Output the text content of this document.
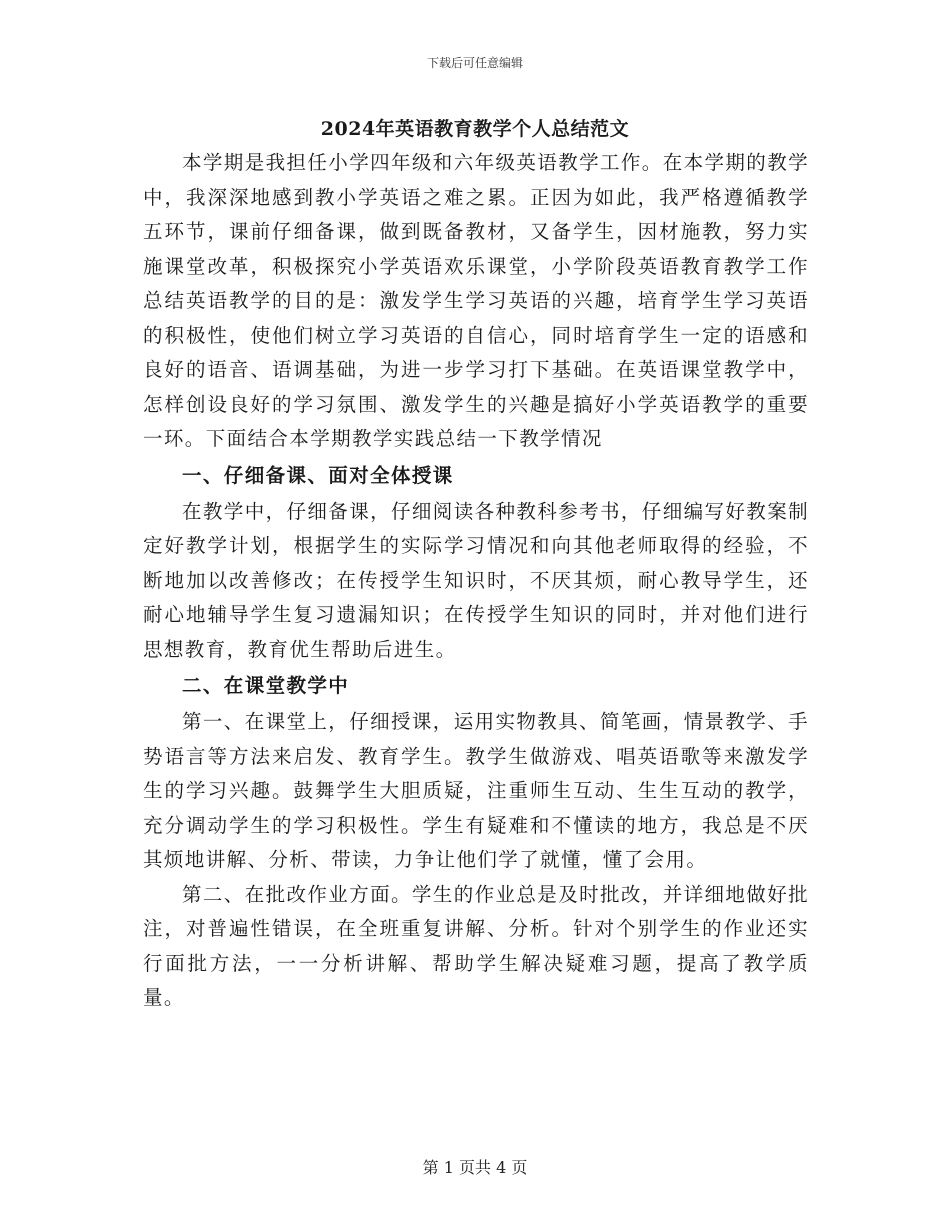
下载后可任意编辑
2024年英语教育教学个人总结范文

本学期是我担任小学四年级和六年级英语教学工作。在本学期的教学中，我深深地感到教小学英语之难之累。正因为如此，我严格遵循教学五环节，课前仔细备课，做到既备教材，又备学生，因材施教，努力实施课堂改革，积极探究小学英语欢乐课堂，小学阶段英语教育教学工作总结英语教学的目的是：激发学生学习英语的兴趣，培育学生学习英语的积极性，使他们树立学习英语的自信心，同时培育学生一定的语感和良好的语音、语调基础，为进一步学习打下基础。在英语课堂教学中，怎样创设良好的学习氛围、激发学生的兴趣是搞好小学英语教学的重要一环。下面结合本学期教学实践总结一下教学情况

一、仔细备课、面对全体授课

在教学中，仔细备课，仔细阅读各种教科参考书，仔细编写好教案制定好教学计划，根据学生的实际学习情况和向其他老师取得的经验，不断地加以改善修改；在传授学生知识时，不厌其烦，耐心教导学生，还耐心地辅导学生复习遗漏知识；在传授学生知识的同时，并对他们进行思想教育，教育优生帮助后进生。

二、在课堂教学中

第一、在课堂上，仔细授课，运用实物教具、简笔画，情景教学、手势语言等方法来启发、教育学生。教学生做游戏、唱英语歌等来激发学生的学习兴趣。鼓舞学生大胆质疑，注重师生互动、生生互动的教学，充分调动学生的学习积极性。学生有疑难和不懂读的地方，我总是不厌其烦地讲解、分析、带读，力争让他们学了就懂，懂了会用。

第二、在批改作业方面。学生的作业总是及时批改，并详细地做好批注，对普遍性错误，在全班重复讲解、分析。针对个别学生的作业还实行面批方法，一一分析讲解、帮助学生解决疑难习题，提高了教学质量。

第 1 页共 4 页
